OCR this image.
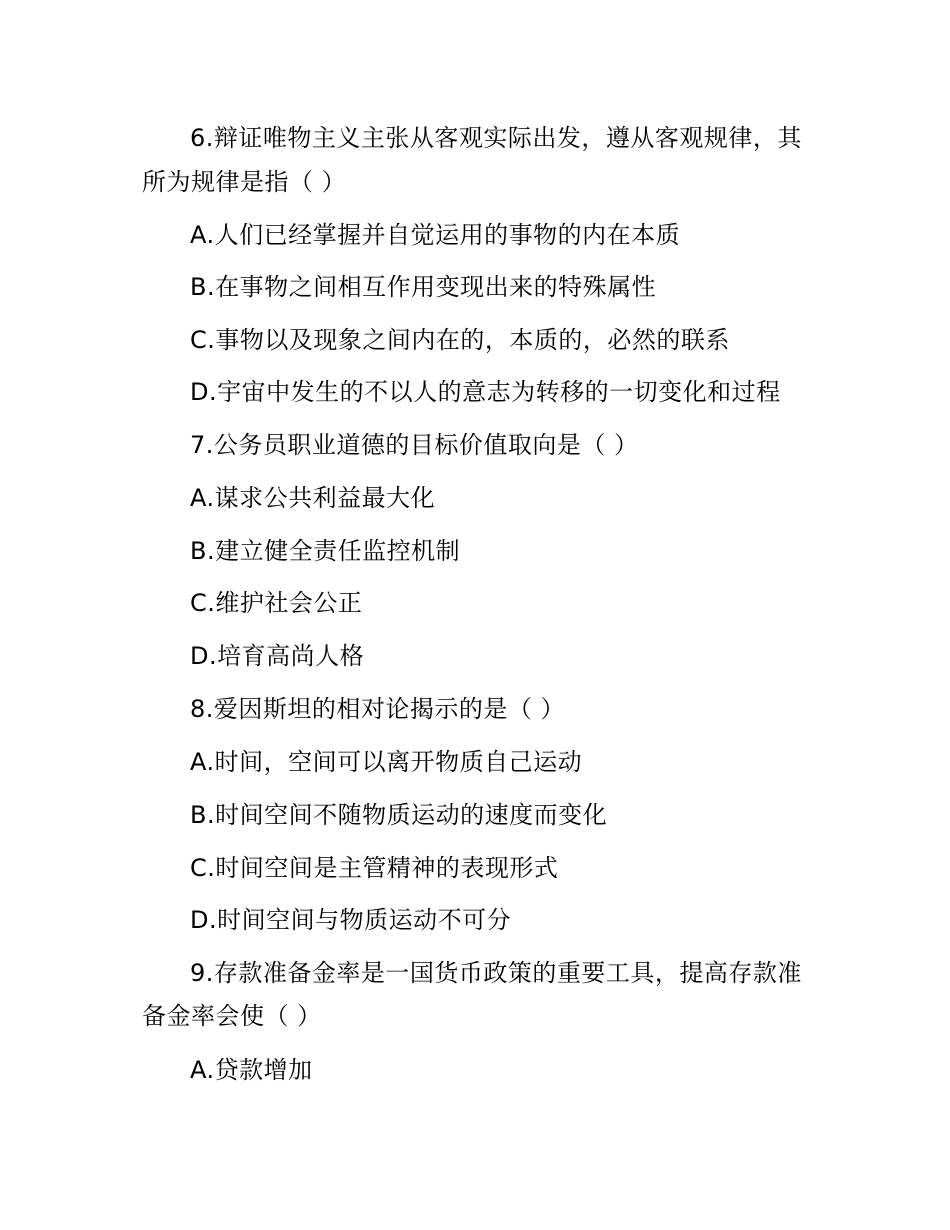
6.辩证唯物主义主张从客观实际出发，遵从客观规律，其
所为规律是指（ ）
A.人们已经掌握并自觉运用的事物的内在本质
B.在事物之间相互作用变现出来的特殊属性
C.事物以及现象之间内在的，本质的，必然的联系
D.宇宙中发生的不以人的意志为转移的一切变化和过程
7.公务员职业道德的目标价值取向是（ ）
A.谋求公共利益最大化
B.建立健全责任监控机制
C.维护社会公正
D.培育高尚人格
8.爱因斯坦的相对论揭示的是（ ）
A.时间，空间可以离开物质自己运动
B.时间空间不随物质运动的速度而变化
C.时间空间是主管精神的表现形式
D.时间空间与物质运动不可分
9.存款准备金率是一国货币政策的重要工具，提高存款准
备金率会使（ ）
A.贷款增加
